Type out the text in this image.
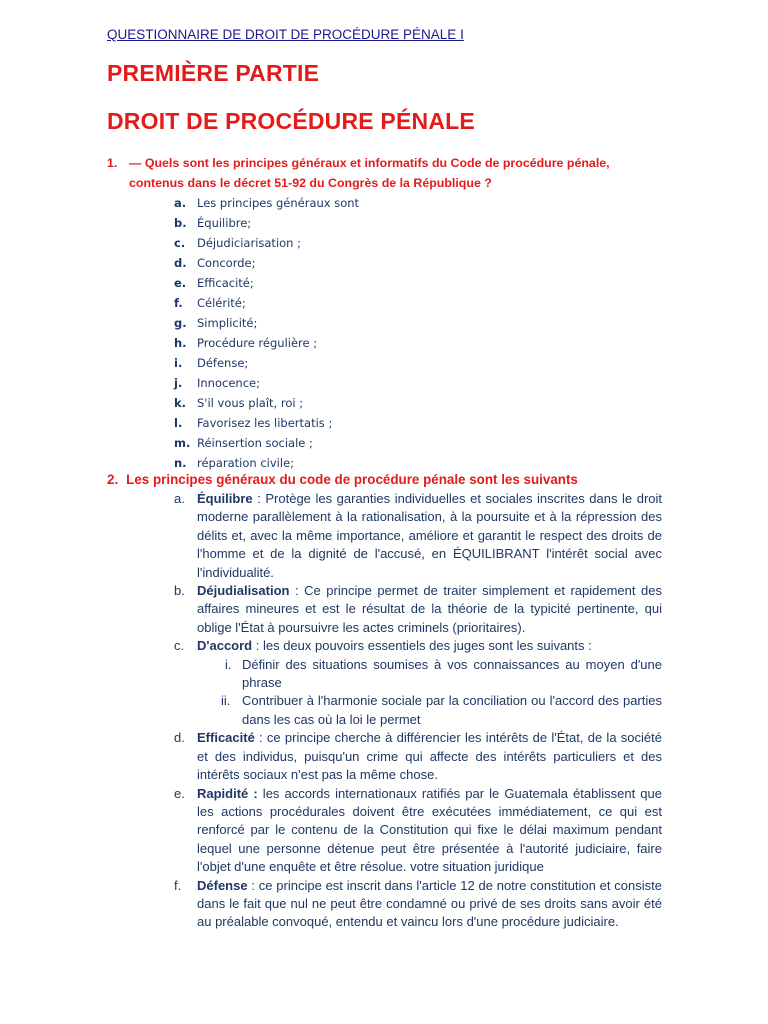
QUESTIONNAIRE DE DROIT DE PROCÉDURE PÉNALE I
PREMIÈRE PARTIE
DROIT DE PROCÉDURE PÉNALE
1. — Quels sont les principes généraux et informatifs du Code de procédure pénale, contenus dans le décret 51-92 du Congrès de la République ?
a. Les principes généraux sont
b. Équilibre;
c.	Déjudiciarisation ;
d. Concorde;
e. Efficacité;
f.	Célérité;
g. Simplicité;
h. Procédure régulière ;
i.	Défense;
j.	Innocence;
k. S'il vous plaît, roi ;
l.	Favorisez les libertatis ;
m. Réinsertion sociale ;
n. réparation civile;
2. Les principes généraux du code de procédure pénale sont les suivants
a. Équilibre : Protège les garanties individuelles et sociales inscrites dans le droit moderne parallèlement à la rationalisation, à la poursuite et à la répression des délits et, avec la même importance, améliore et garantit le respect des droits de l'homme et de la dignité de l'accusé, en ÉQUILIBRANT l'intérêt social avec l'individualité.
b. Déjudialisation : Ce principe permet de traiter simplement et rapidement des affaires mineures et est le résultat de la théorie de la typicité pertinente, qui oblige l'État à poursuivre les actes criminels (prioritaires).
c. D'accord : les deux pouvoirs essentiels des juges sont les suivants :
i. Définir des situations soumises à vos connaissances au moyen d'une phrase
ii. Contribuer à l'harmonie sociale par la conciliation ou l'accord des parties dans les cas où la loi le permet
d. Efficacité : ce principe cherche à différencier les intérêts de l'État, de la société et des individus, puisqu'un crime qui affecte des intérêts particuliers et des intérêts sociaux n'est pas la même chose.
e. Rapidité : les accords internationaux ratifiés par le Guatemala établissent que les actions procédurales doivent être exécutées immédiatement, ce qui est renforcé par le contenu de la Constitution qui fixe le délai maximum pendant lequel une personne détenue peut être présentée à l'autorité judiciaire, faire l'objet d'une enquête et être résolue. votre situation juridique
f. Défense : ce principe est inscrit dans l'article 12 de notre constitution et consiste dans le fait que nul ne peut être condamné ou privé de ses droits sans avoir été au préalable convoqué, entendu et vaincu lors d'une procédure judiciaire.
